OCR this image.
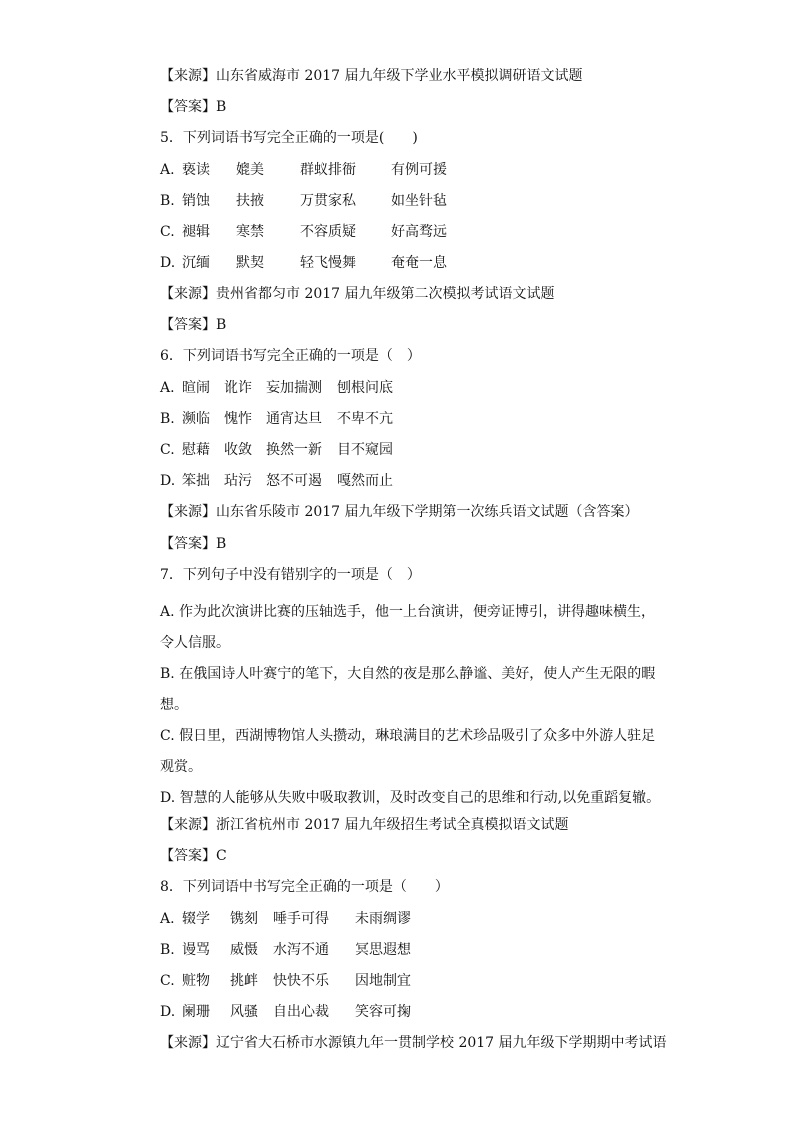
【来源】山东省威海市 2017 届九年级下学业水平模拟调研语文试题
【答案】B
5．下列词语书写完全正确的一项是(　　)
A. 亵读 媲美	群蚁排衙	有例可援
B. 销蚀 扶掖	万贯家私	如坐针毡
C. 褪辑 寒禁	不容质疑	好高骛远
D. 沉缅 默契	轻飞慢舞	奄奄一息
【来源】贵州省都匀市 2017 届九年级第二次模拟考试语文试题
【答案】B
6．下列词语书写完全正确的一项是（　）
A. 暄闹 讹诈 妄加揣测 刨根问底
B. 濒临 愧怍 通宵达旦 不卑不亢
C. 慰藉 收敛 换然一新 目不窥园
D. 笨拙 玷污 怒不可遏 嘎然而止
【来源】山东省乐陵市 2017 届九年级下学期第一次练兵语文试题（含答案）
【答案】B
7．下列句子中没有错别字的一项是（　）
A. 作为此次演讲比赛的压轴选手，他一上台演讲，便旁证博引，讲得趣味横生，令人信服。
B. 在俄国诗人叶赛宁的笔下，大自然的夜是那么静谧、美好，使人产生无限的暇想。
C. 假日里，西湖博物馆人头攒动，琳琅满目的艺术珍品吸引了众多中外游人驻足观赏。
D. 智慧的人能够从失败中吸取教训，及时改变自己的思维和行动,以免重蹈复辙。
【来源】浙江省杭州市 2017 届九年级招生考试全真模拟语文试题
【答案】C
8．下列词语中书写完全正确的一项是（　　）
A. 辍学 镌刻 唾手可得 未雨绸谬
B. 谩骂 威慑 水泻不通 冥思遐想
C. 赃物 挑衅 快快不乐 因地制宜
D. 阑珊 风骚 自出心裁 笑容可掬
【来源】辽宁省大石桥市水源镇九年一贯制学校 2017 届九年级下学期期中考试语
